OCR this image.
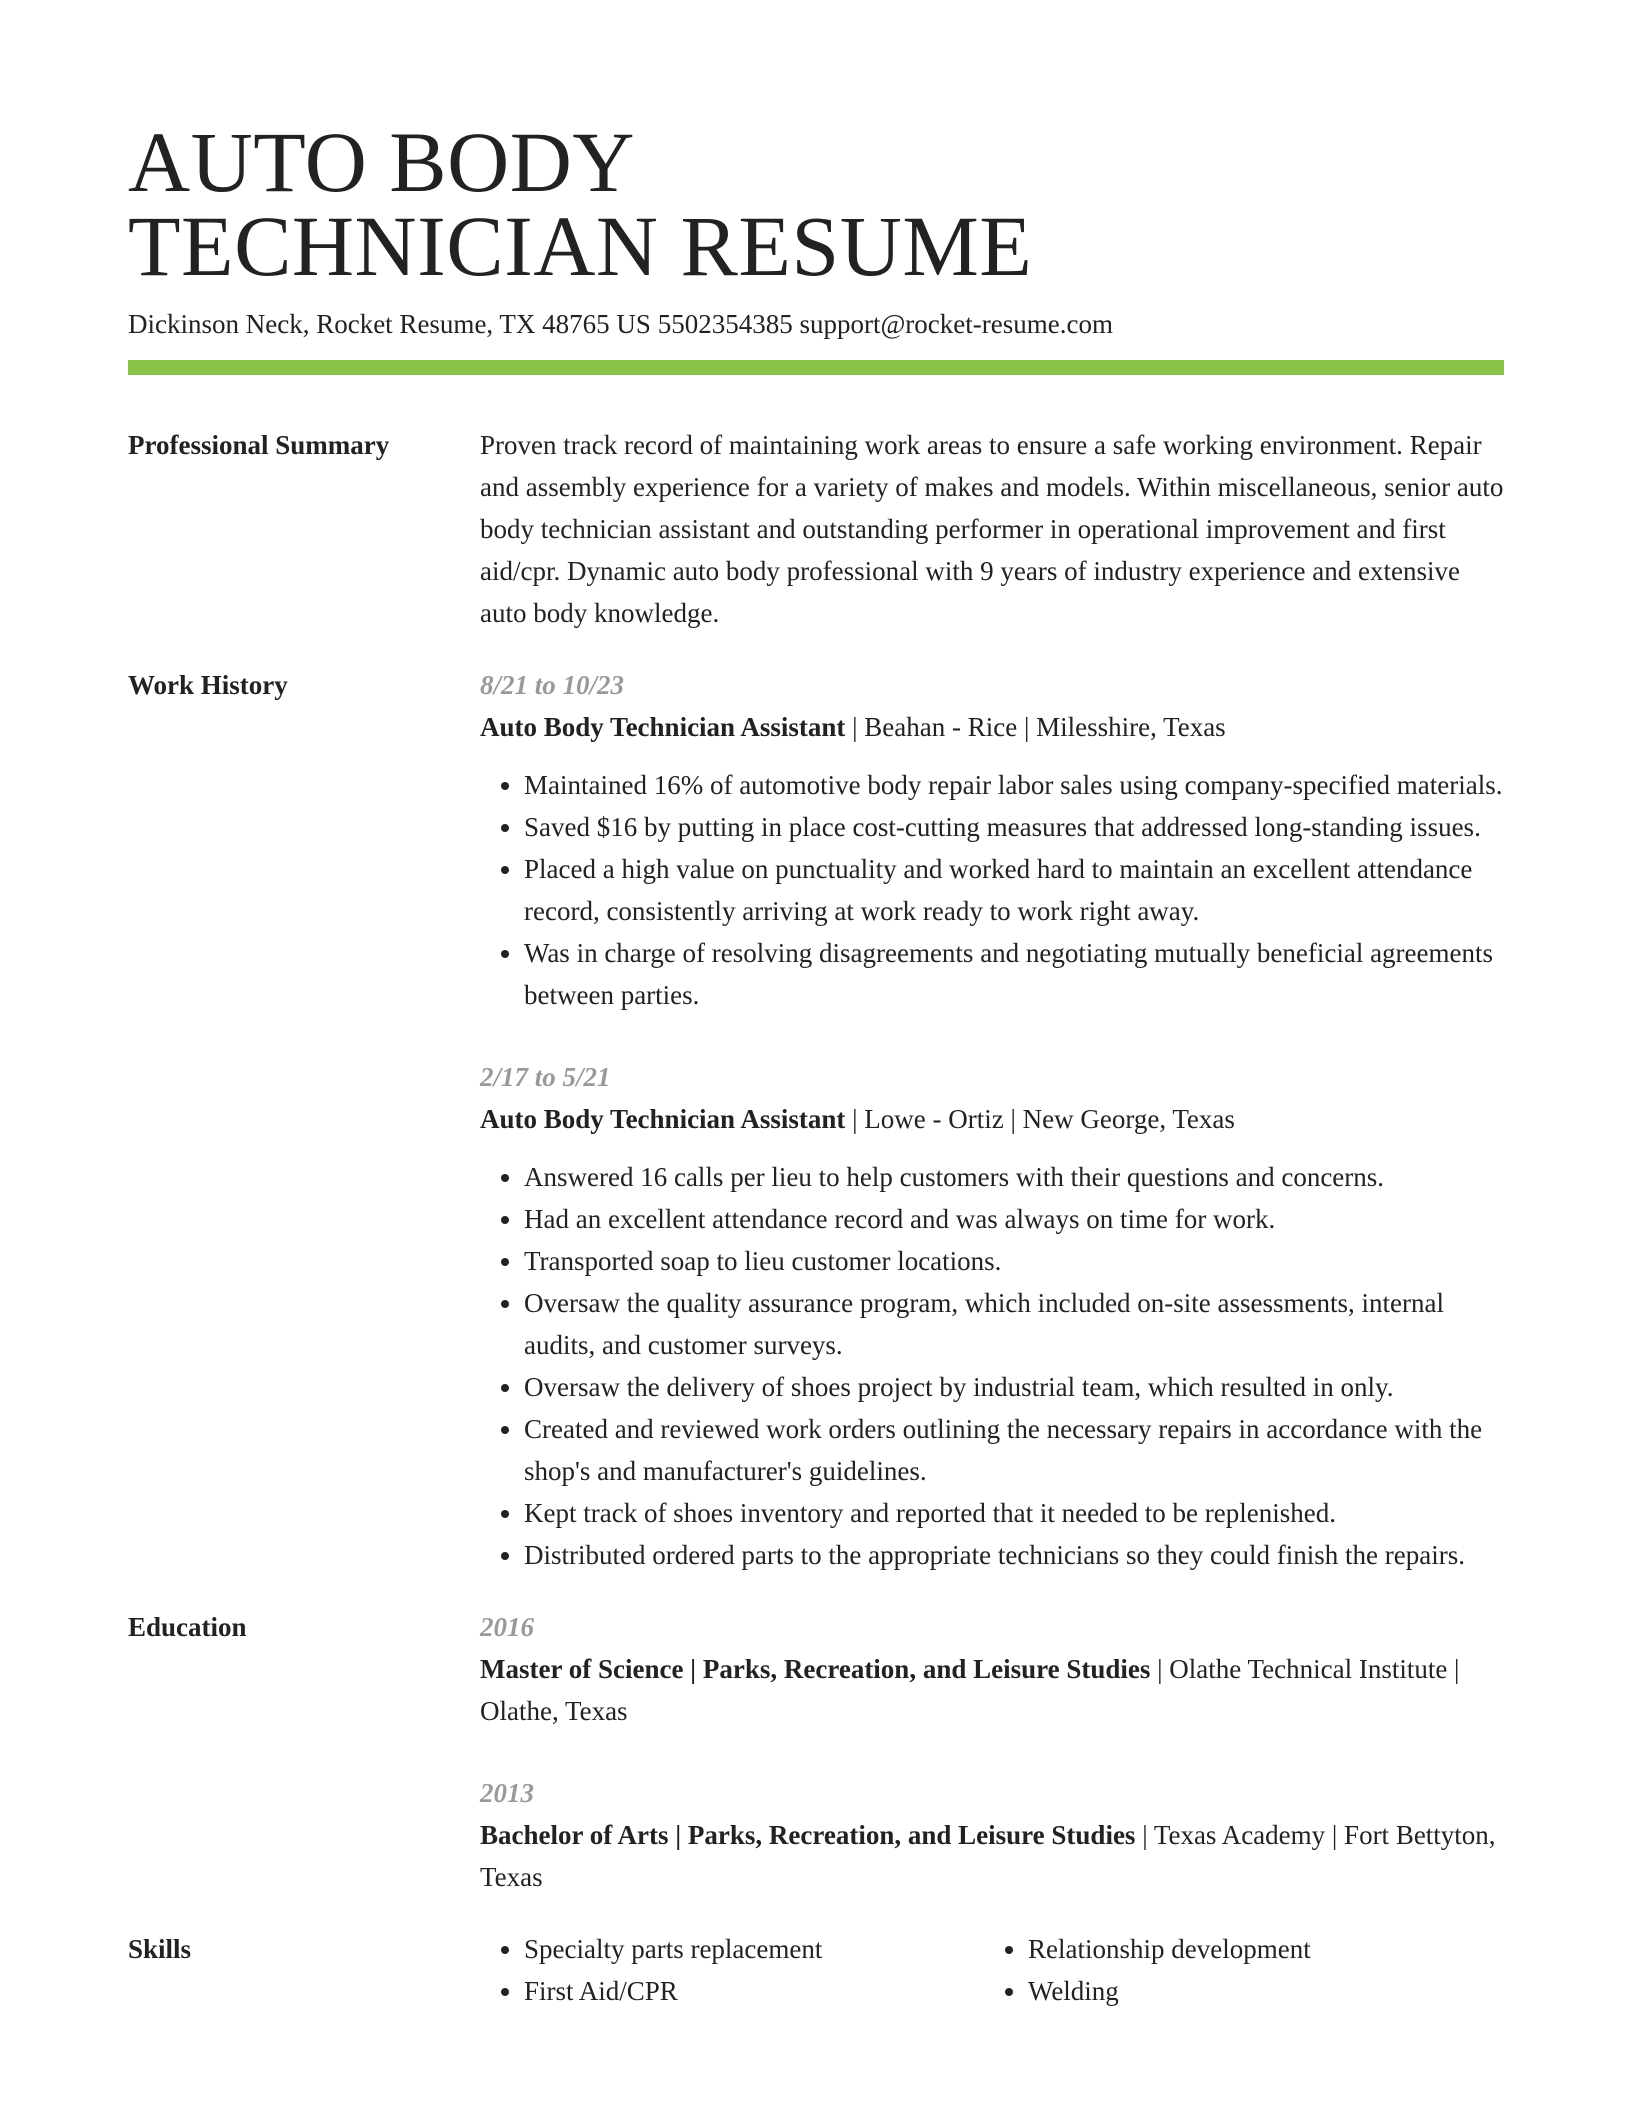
AUTO BODY
TECHNICIAN RESUME
Dickinson Neck, Rocket Resume, TX 48765 US 5502354385 support@rocket-resume.com
Professional Summary	Proven track record of maintaining work areas to ensure a safe working environment. Repair and assembly experience for a variety of makes and models. Within miscellaneous, senior auto body technician assistant and outstanding performer in operational improvement and first aid/cpr. Dynamic auto body professional with 9 years of industry experience and extensive auto body knowledge.

Work History	8/21 to 10/23
Auto Body Technician Assistant | Beahan - Rice | Milesshire, Texas
• Maintained 16% of automotive body repair labor sales using company-specified materials.
• Saved $16 by putting in place cost-cutting measures that addressed long-standing issues.
• Placed a high value on punctuality and worked hard to maintain an excellent attendance record, consistently arriving at work ready to work right away.
• Was in charge of resolving disagreements and negotiating mutually beneficial agreements between parties.
2/17 to 5/21
Auto Body Technician Assistant | Lowe - Ortiz | New George, Texas
• Answered 16 calls per lieu to help customers with their questions and concerns.
• Had an excellent attendance record and was always on time for work.
• Transported soap to lieu customer locations.
• Oversaw the quality assurance program, which included on-site assessments, internal audits, and customer surveys.
• Oversaw the delivery of shoes project by industrial team, which resulted in only.
• Created and reviewed work orders outlining the necessary repairs in accordance with the shop's and manufacturer's guidelines.
• Kept track of shoes inventory and reported that it needed to be replenished.
• Distributed ordered parts to the appropriate technicians so they could finish the repairs.
Education	2016
Master of Science | Parks, Recreation, and Leisure Studies | Olathe Technical Institute | Olathe, Texas
2013
Bachelor of Arts | Parks, Recreation, and Leisure Studies | Texas Academy | Fort Bettyton, Texas
Skills
•	Specialty parts replacement
• First Aid/CPR
• Relationship development
• Welding
